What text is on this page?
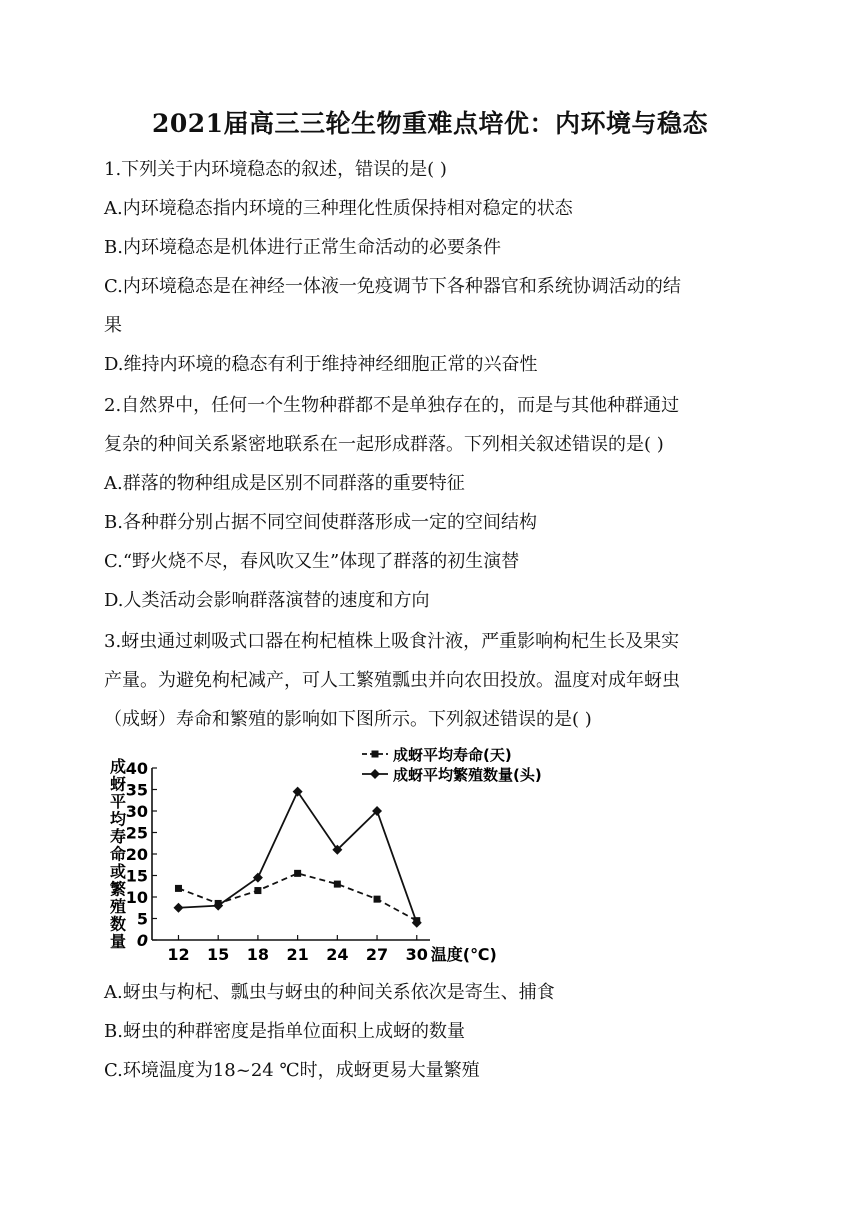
2021届高三三轮生物重难点培优：内环境与稳态
1.下列关于内环境稳态的叙述，错误的是( )
A.内环境稳态指内环境的三种理化性质保持相对稳定的状态
B.内环境稳态是机体进行正常生命活动的必要条件
C.内环境稳态是在神经一体液一免疫调节下各种器官和系统协调活动的结
果
D.维持内环境的稳态有利于维持神经细胞正常的兴奋性
2.自然界中，任何一个生物种群都不是单独存在的，而是与其他种群通过
复杂的种间关系紧密地联系在一起形成群落。下列相关叙述错误的是( )
A.群落的物种组成是区别不同群落的重要特征
B.各种群分别占据不同空间使群落形成一定的空间结构
C.“野火烧不尽，春风吹又生”体现了群落的初生演替
D.人类活动会影响群落演替的速度和方向
3.蚜虫通过刺吸式口器在枸杞植株上吸食汁液，严重影响枸杞生长及果实
产量。为避免枸杞减产，可人工繁殖瓢虫并向农田投放。温度对成年蚜虫
（成蚜）寿命和繁殖的影响如下图所示。下列叙述错误的是( )
0
5
10
15
20
25
30
35
40
12 15 18 21 24 27 30 温度(℃)
成蚜平均寿命或繁殖数量
成蚜平均寿命(天)
成蚜平均繁殖数量(头)
A.蚜虫与枸杞、瓢虫与蚜虫的种间关系依次是寄生、捕食
B.蚜虫的种群密度是指单位面积上成蚜的数量
C.环境温度为18~24 ℃时，成蚜更易大量繁殖
